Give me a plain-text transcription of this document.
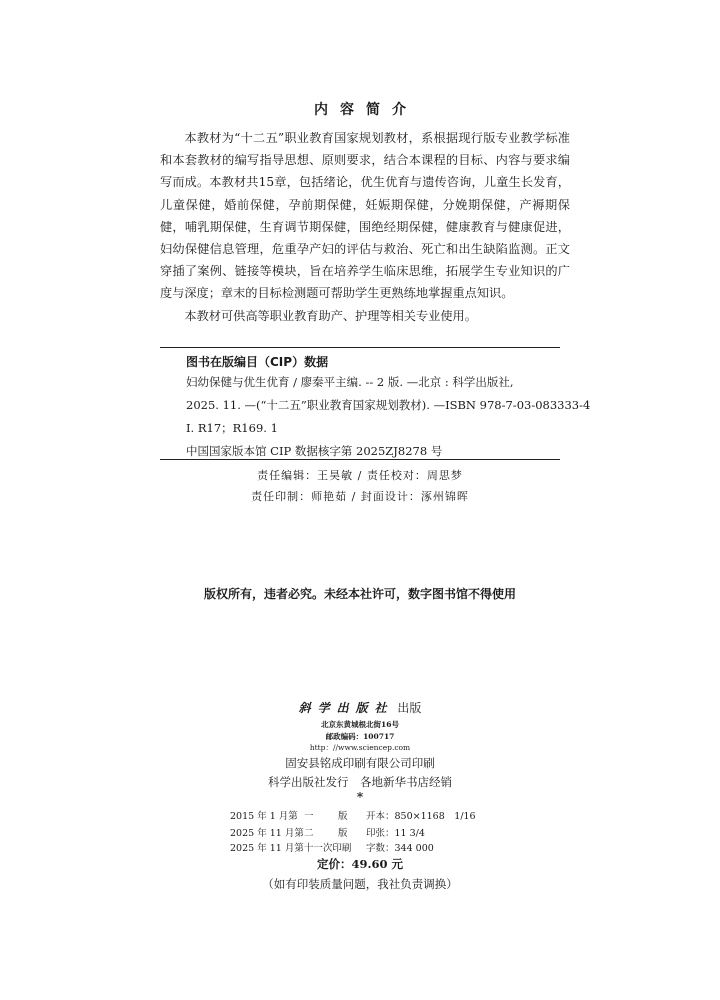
内容简介

本教材为“十二五”职业教育国家规划教材，系根据现行版专业教学标准和本套教材的编写指导思想、原则要求，结合本课程的目标、内容与要求编写而成。本教材共15章，包括绪论，优生优育与遗传咨询，儿童生长发育，儿童保健，婚前保健，孕前期保健，妊娠期保健，分娩期保健，产褥期保健，哺乳期保健，生育调节期保健，围绝经期保健，健康教育与健康促进，妇幼保健信息管理，危重孕产妇的评估与救治、死亡和出生缺陷监测。正文穿插了案例、链接等模块，旨在培养学生临床思维，拓展学生专业知识的广度与深度；章末的目标检测题可帮助学生更熟练地掌握重点知识。

本教材可供高等职业教育助产、护理等相关专业使用。

图书在版编目（CIP）数据
妇幼保健与优生优育 / 廖秦平主编. -- 2 版. —北京 : 科学出版社,
2025. 11. —(“十二五”职业教育国家规划教材). —ISBN 978-7-03-083333-4
Ⅰ. R17；R169. 1
中国国家版本馆 CIP 数据核字第 2025ZJ8278 号
责任编辑：王昊敏 / 责任校对：周思梦
责任印制：师艳茹 / 封面设计：涿州锦晖
版权所有，违者必究。未经本社许可，数字图书馆不得使用
斜学出版社 出版
北京东黄城根北街16号
邮政编码：100717
http：//www.sciencep.com
固安县铭成印刷有限公司印刷
科学出版社发行　各地新华书店经销
*
2015 年 1 月第 一	版 开本：850×1168　1/16
2025 年 11 月第二	版 印张：11 3/4
2025 年 11 月第十一次印刷 字数：344 000
定价：49.60 元
（如有印装质量问题，我社负责调换）
